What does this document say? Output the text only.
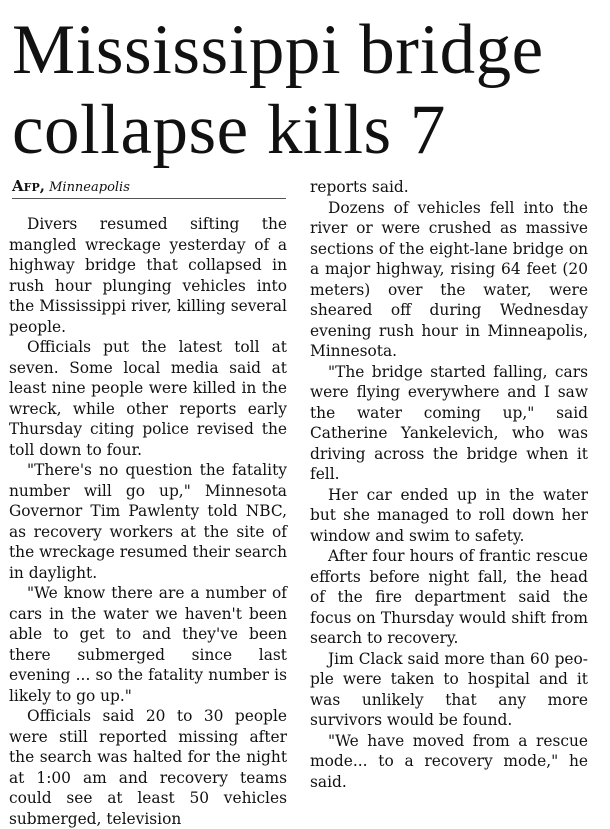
Mississippi bridge
collapse kills 7
Afp, Minneapolis

Divers resumed sifting the mangled wreckage yesterday of a highway bridge that collapsed in rush hour plunging vehicles into the Mississippi river, killing several people.

Officials put the latest toll at seven. Some local media said at least nine people were killed in the wreck, while other reports early Thursday citing police revised the toll down to four.

"There's no question the fatality number will go up," Minnesota Governor Tim Pawlenty told NBC, as recovery workers at the site of the wreckage resumed their search in daylight.

"We know there are a number of cars in the water we haven't been able to get to and they've been there submerged since last evening ... so the fatality number is likely to go up."

Officials said 20 to 30 people were still reported missing after the search was halted for the night at 1:00 am and recovery teams could see at least 50 vehicles submerged, television

reports said.

Dozens of vehicles fell into the river or were crushed as massive sections of the eight-lane bridge on a major highway, rising 64 feet (20 meters) over the water, were sheared off during Wednesday evening rush hour in Minneapolis, Minnesota.

"The bridge started falling, cars were flying everywhere and I saw the water coming up," said Catherine Yankelevich, who was driving across the bridge when it fell.

Her car ended up in the water but she managed to roll down her window and swim to safety.

After four hours of frantic rescue efforts before night fall, the head of the fire department said the focus on Thursday would shift from search to recovery.

Jim Clack said more than 60 peo-ple were taken to hospital and it was unlikely that any more survivors would be found.

"We have moved from a rescue mode... to a recovery mode," he said.
